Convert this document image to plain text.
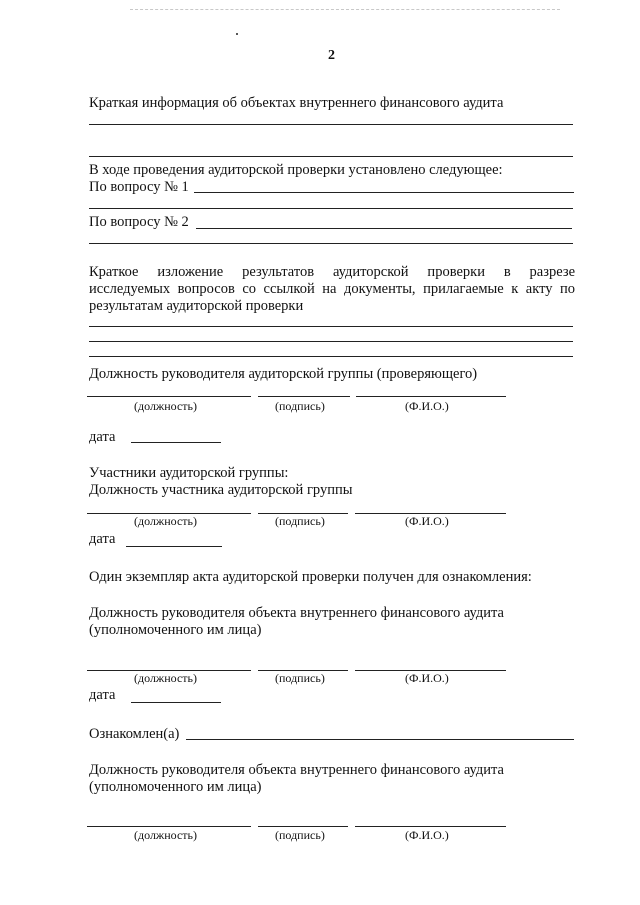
2
Краткая информация об объектах внутреннего финансового аудита
В ходе проведения аудиторской проверки установлено следующее:
По вопросу № 1
По вопросу № 2
Краткое изложение результатов аудиторской проверки в разрезе
исследуемых вопросов со ссылкой на документы, прилагаемые к акту по
результатам аудиторской проверки
Должность руководителя аудиторской группы (проверяющего)
(должность)	(подпись)	(Ф.И.О.)
дата
Участники аудиторской группы:
Должность участника аудиторской группы
(должность)	(подпись)	(Ф.И.О.)
дата
Один экземпляр акта аудиторской проверки получен для ознакомления:
Должность руководителя объекта внутреннего финансового аудита
(уполномоченного им лица)
(должность)	(подпись)	(Ф.И.О.)
дата
Ознакомлен(а)
Должность руководителя объекта внутреннего финансового аудита
(уполномоченного им лица)
(должность)	(подпись)	(Ф.И.О.)
